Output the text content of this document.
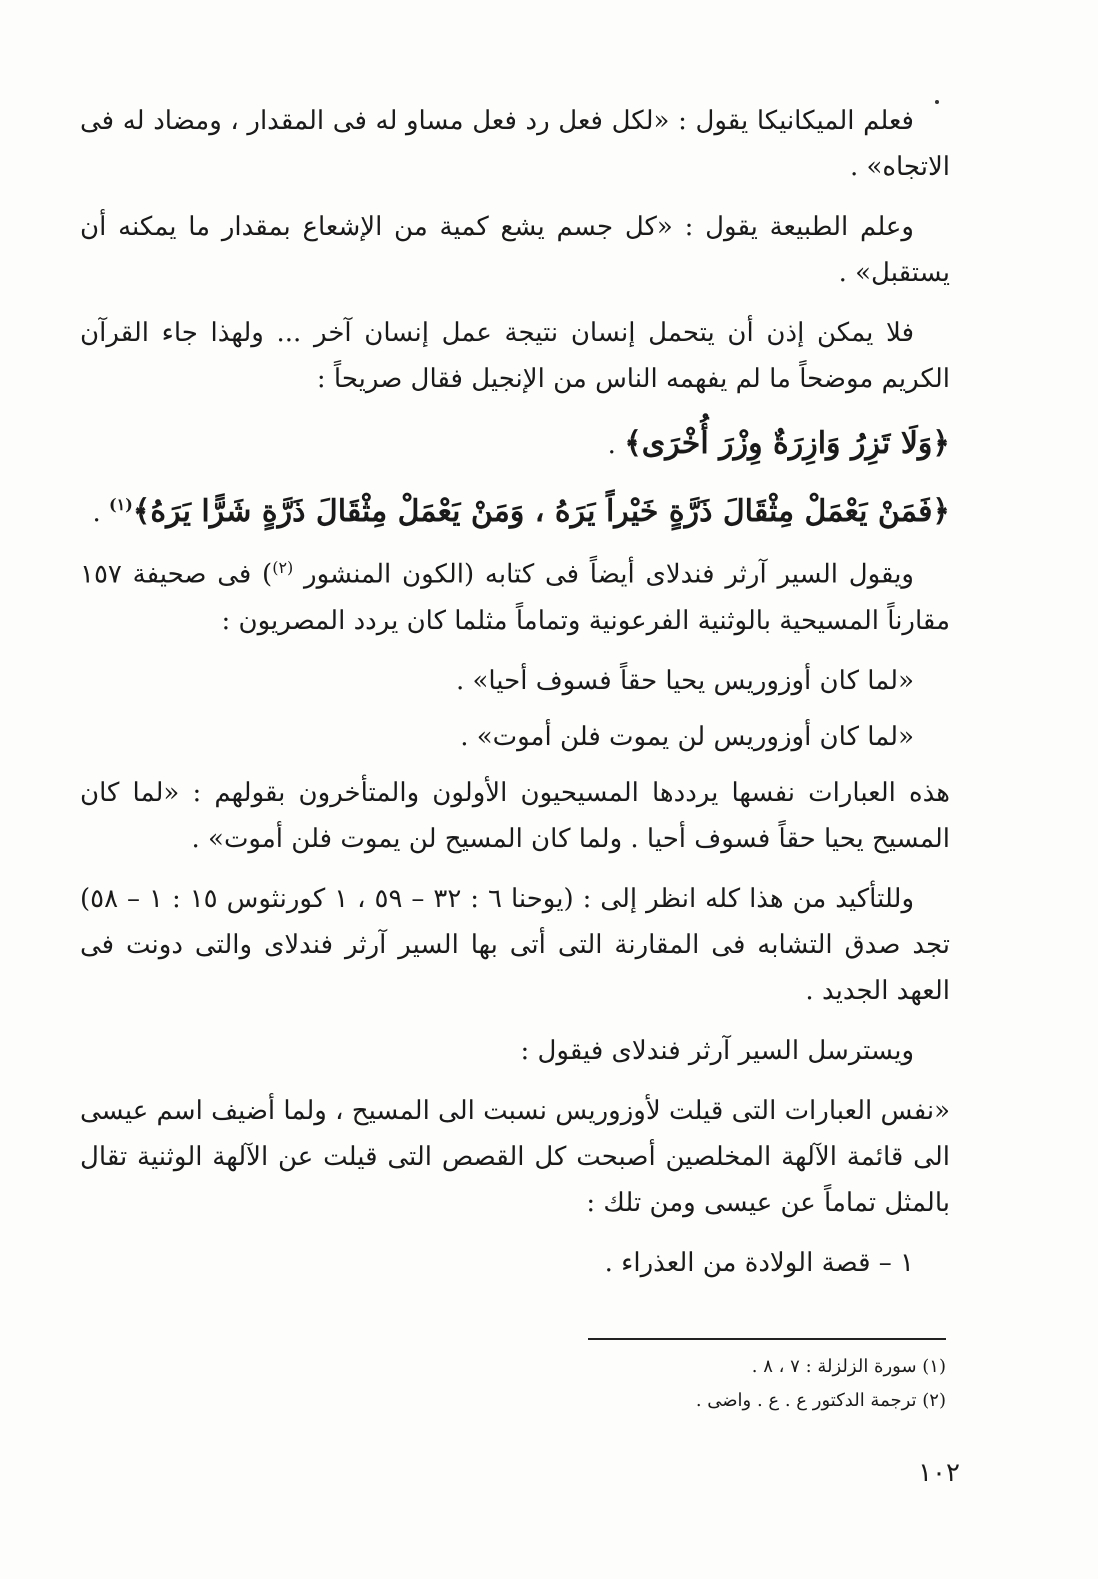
فعلم الميكانيكا يقول : «لكل فعل رد فعل مساو له فى المقدار ، ومضاد له فى الاتجاه» .

وعلم الطبيعة يقول : «كل جسم يشع كمية من الإشعاع بمقدار ما يمكنه أن يستقبل» .

فلا يمكن إذن أن يتحمل إنسان نتيجة عمل إنسان آخر ... ولهذا جاء القرآن الكريم موضحاً ما لم يفهمه الناس من الإنجيل فقال صريحاً :

﴿وَلَا تَزِرُ وَازِرَةٌ وِزْرَ أُخْرَى﴾ .

﴿فَمَنْ يَعْمَلْ مِثْقَالَ ذَرَّةٍ خَيْراً يَرَهُ ، وَمَنْ يَعْمَلْ مِثْقَالَ ذَرَّةٍ شَرًّا يَرَهُ﴾$^{(١)}$ .

ويقول السير آرثر فندلاى أيضاً فى كتابه (الكون المنشور $^{(٢)}$) فى صحيفة ١٥٧ مقارناً المسيحية بالوثنية الفرعونية وتماماً مثلما كان يردد المصريون :

«لما كان أوزوريس يحيا حقاً فسوف أحيا» .

«لما كان أوزوريس لن يموت فلن أموت» .

هذه العبارات نفسها يرددها المسيحيون الأولون والمتأخرون بقولهم : «لما كان المسيح يحيا حقاً فسوف أحيا . ولما كان المسيح لن يموت فلن أموت» .

وللتأكيد من هذا كله انظر إلى : (يوحنا ٦ : ٣٢ – ٥٩ ، ١ كورنثوس ١٥ : ١ – ٥٨) تجد صدق التشابه فى المقارنة التى أتى بها السير آرثر فندلاى والتى دونت فى العهد الجديد .

ويسترسل السير آرثر فندلاى فيقول :

«نفس العبارات التى قيلت لأوزوريس نسبت الى المسيح ، ولما أضيف اسم عيسى الى قائمة الآلهة المخلصين أصبحت كل القصص التى قيلت عن الآلهة الوثنية تقال بالمثل تماماً عن عيسى ومن تلك :

١ – قصة الولادة من العذراء .

(١) سورة الزلزلة : ٧ ، ٨ .

(٢) ترجمة الدكتور ع . ع . واضى .

١٠٢
